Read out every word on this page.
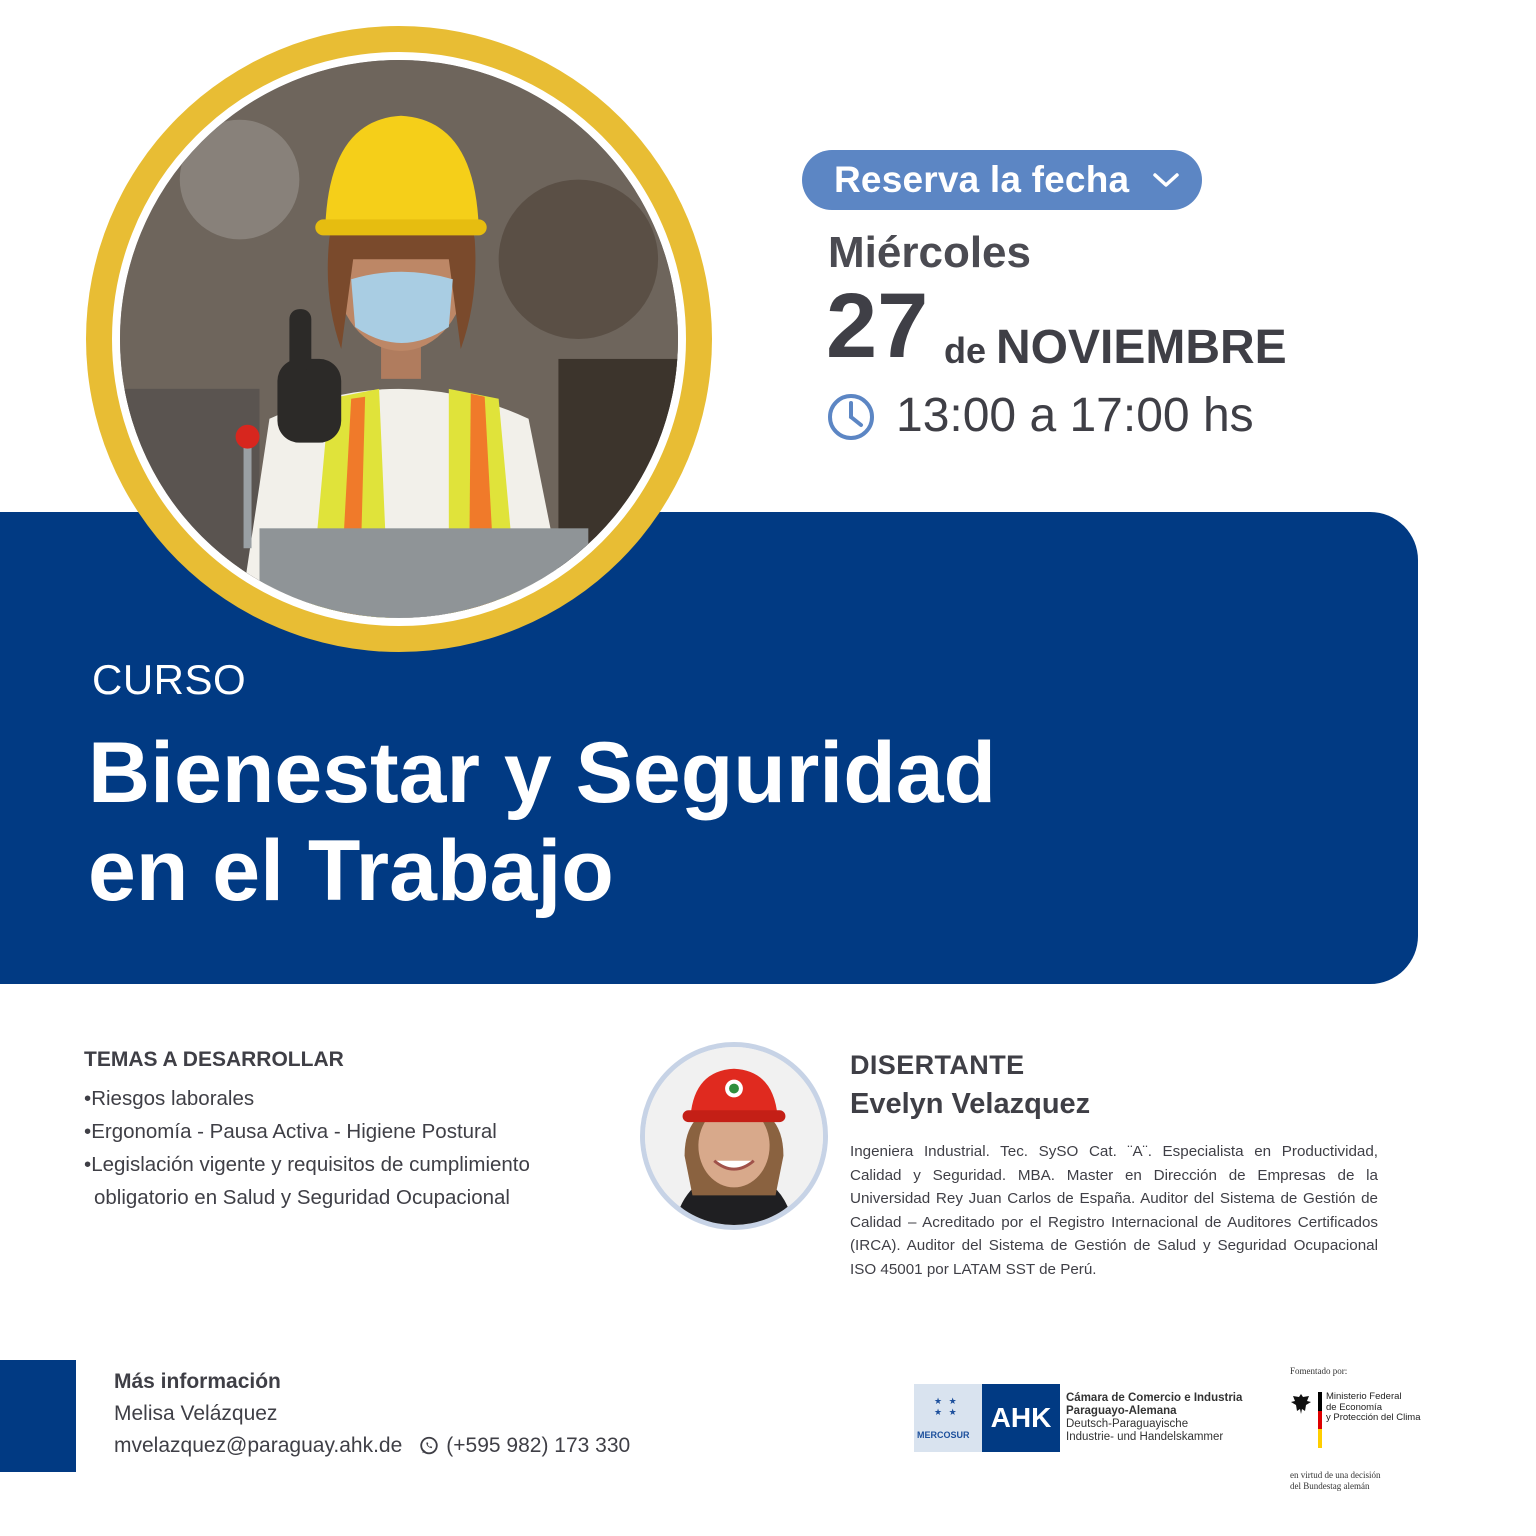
Reserva la fecha
Miércoles
27 de NOVIEMBRE
13:00 a 17:00 hs
CURSO
Bienestar y Seguridad
en el Trabajo
TEMAS A DESARROLLAR
• Riesgos laborales
• Ergonomía - Pausa Activa - Higiene Postural
• Legislación vigente y requisitos de cumplimiento obligatorio en Salud y Seguridad Ocupacional
DISERTANTE
Evelyn Velazquez
Ingeniera Industrial. Tec. SySO Cat. ¨A¨. Especialista en Productividad, Calidad y Seguridad. MBA. Master en Dirección de Empresas de la Universidad Rey Juan Carlos de España. Auditor del Sistema de Gestión de Calidad – Acreditado por el Registro Internacional de Auditores Certificados (IRCA). Auditor del Sistema de Gestión de Salud y Seguridad Ocupacional ISO 45001 por LATAM SST de Perú.
Más información
Melisa Velázquez
mvelazquez@paraguay.ahk.de (+595 982) 173 330
★ ★
★ ★
MERCOSUR
AHK
Cámara de Comercio e Industria
Paraguayo-Alemana
Deutsch-Paraguayische
Industrie- und Handelskammer
Fomentado por:
Ministerio Federal
de Economía
y Protección del Clima
en virtud de una decisión
del Bundestag alemán
